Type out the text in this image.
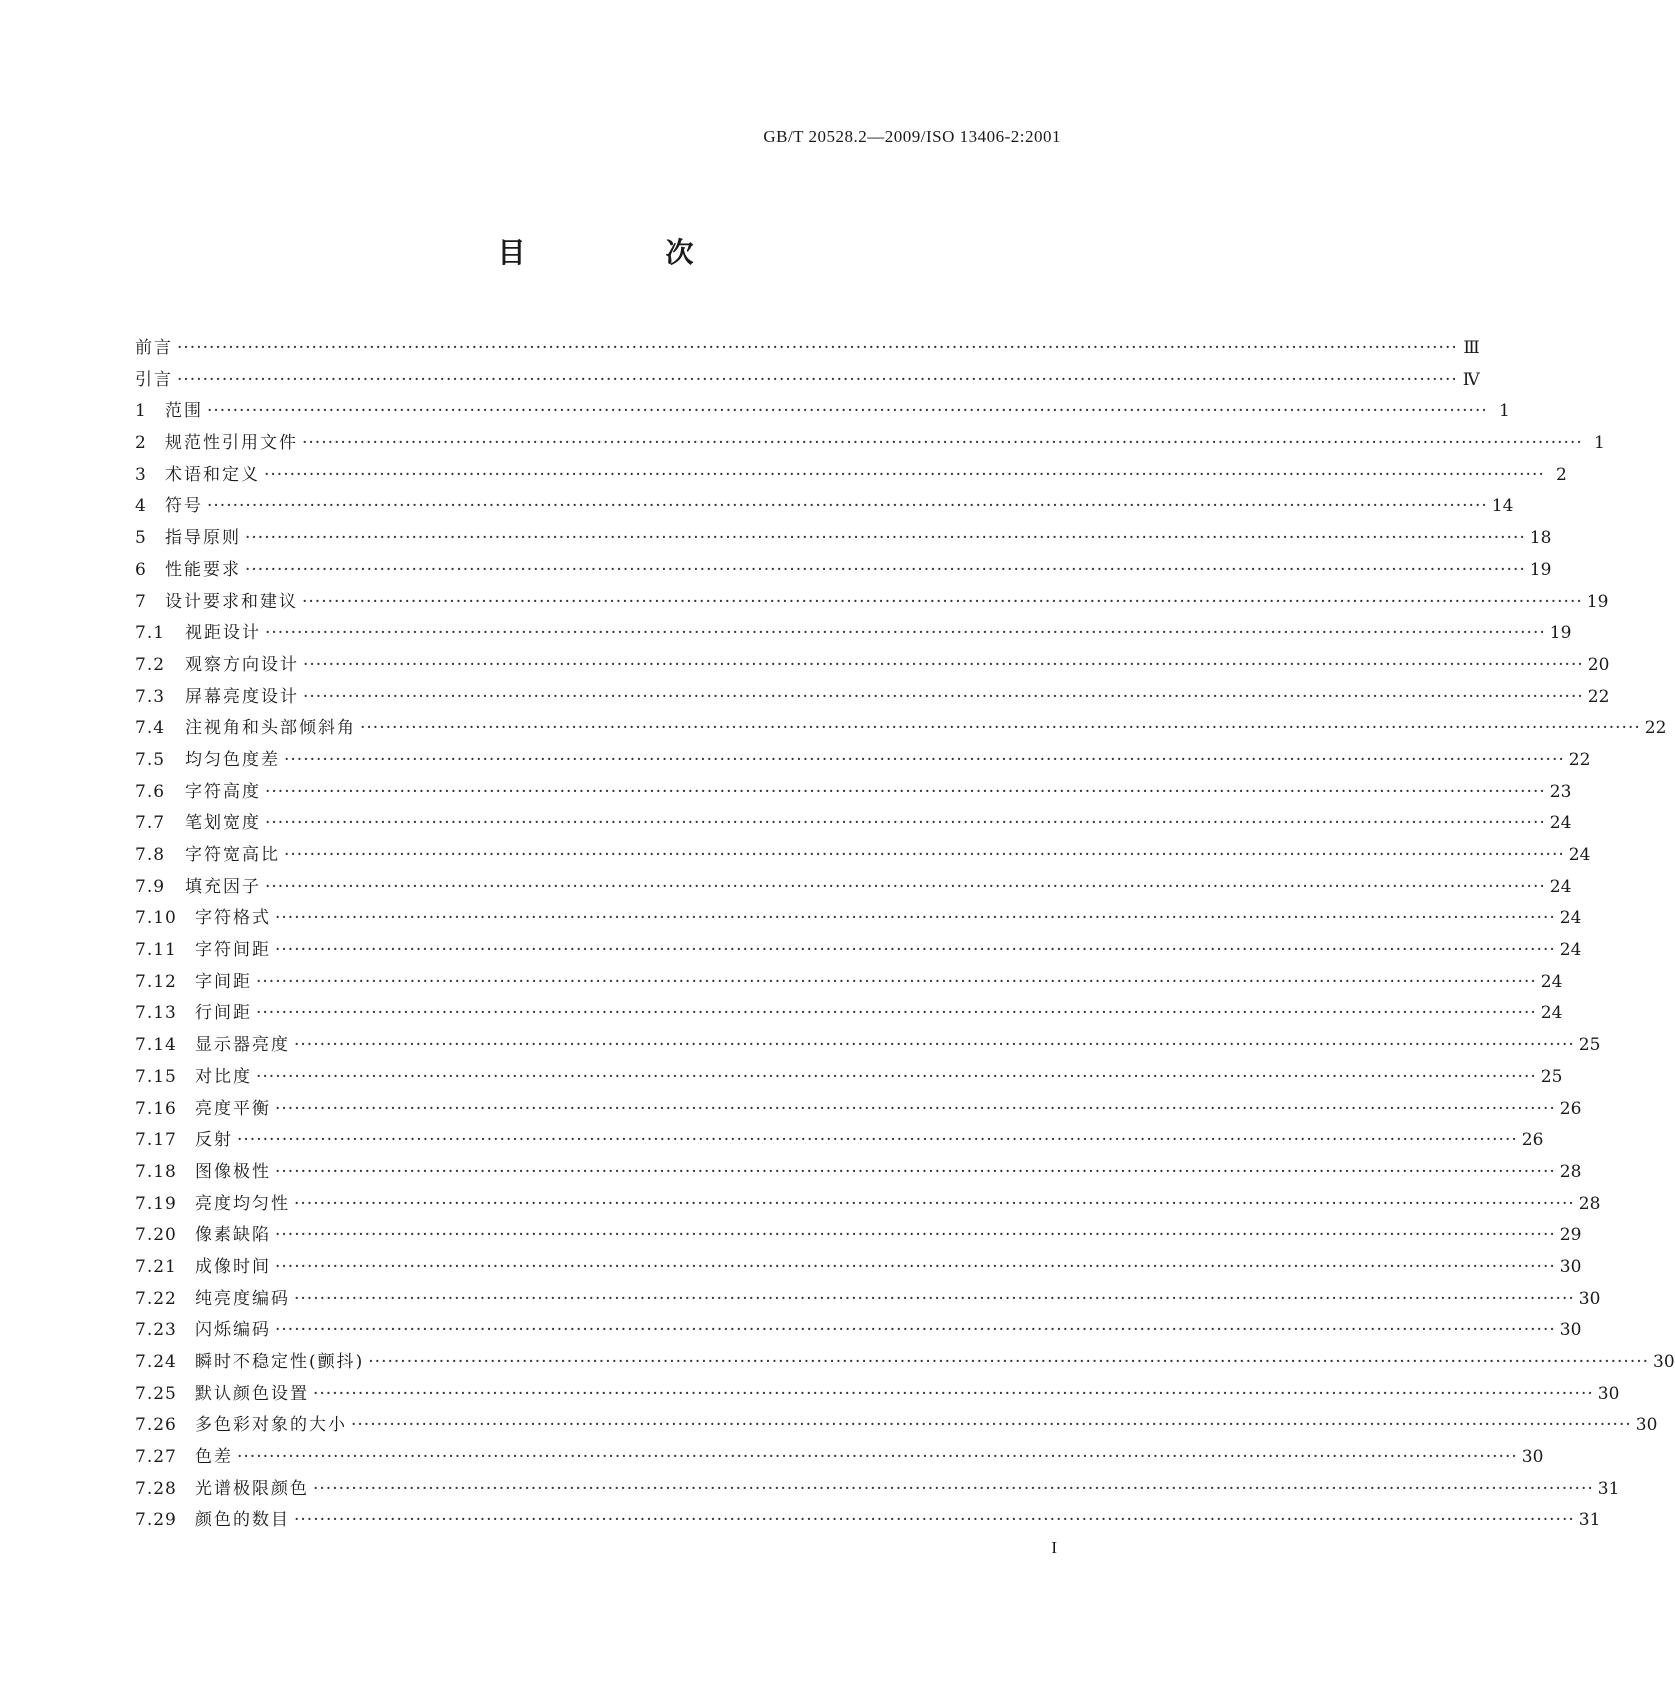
GB/T 20528.2—2009/ISO 13406-2:2001
目　次
前言 ········································································································································································································ Ⅲ
引言 ········································································································································································································ Ⅳ
1	范围 ········································································································································································································ 1
2	规范性引用文件 ········································································································································································································ 1
3	术语和定义 ········································································································································································································ 2
4	符号 ········································································································································································································ 14
5	指导原则 ········································································································································································································ 18
6	性能要求 ········································································································································································································ 19
7	设计要求和建议 ········································································································································································································ 19
7.1	视距设计 ········································································································································································································ 19
7.2	观察方向设计 ········································································································································································································ 20
7.3	屏幕亮度设计 ········································································································································································································ 22
7.4	注视角和头部倾斜角 ········································································································································································································ 22
7.5	均匀色度差 ········································································································································································································ 22
7.6	字符高度 ········································································································································································································ 23
7.7	笔划宽度 ········································································································································································································ 24
7.8	字符宽高比 ········································································································································································································ 24
7.9	填充因子 ········································································································································································································ 24
7.10	字符格式 ········································································································································································································ 24
7.11	字符间距 ········································································································································································································ 24
7.12	字间距 ········································································································································································································ 24
7.13	行间距 ········································································································································································································ 24
7.14	显示器亮度 ········································································································································································································ 25
7.15	对比度 ········································································································································································································ 25
7.16	亮度平衡 ········································································································································································································ 26
7.17	反射 ········································································································································································································ 26
7.18	图像极性 ········································································································································································································ 28
7.19	亮度均匀性 ········································································································································································································ 28
7.20	像素缺陷 ········································································································································································································ 29
7.21	成像时间 ········································································································································································································ 30
7.22	纯亮度编码 ········································································································································································································ 30
7.23	闪烁编码 ········································································································································································································ 30
7.24	瞬时不稳定性(颤抖) ········································································································································································································ 30
7.25	默认颜色设置 ········································································································································································································ 30
7.26	多色彩对象的大小 ········································································································································································································ 30
7.27	色差 ········································································································································································································ 30
7.28	光谱极限颜色 ········································································································································································································ 31
7.29	颜色的数目 ········································································································································································································ 31
I
